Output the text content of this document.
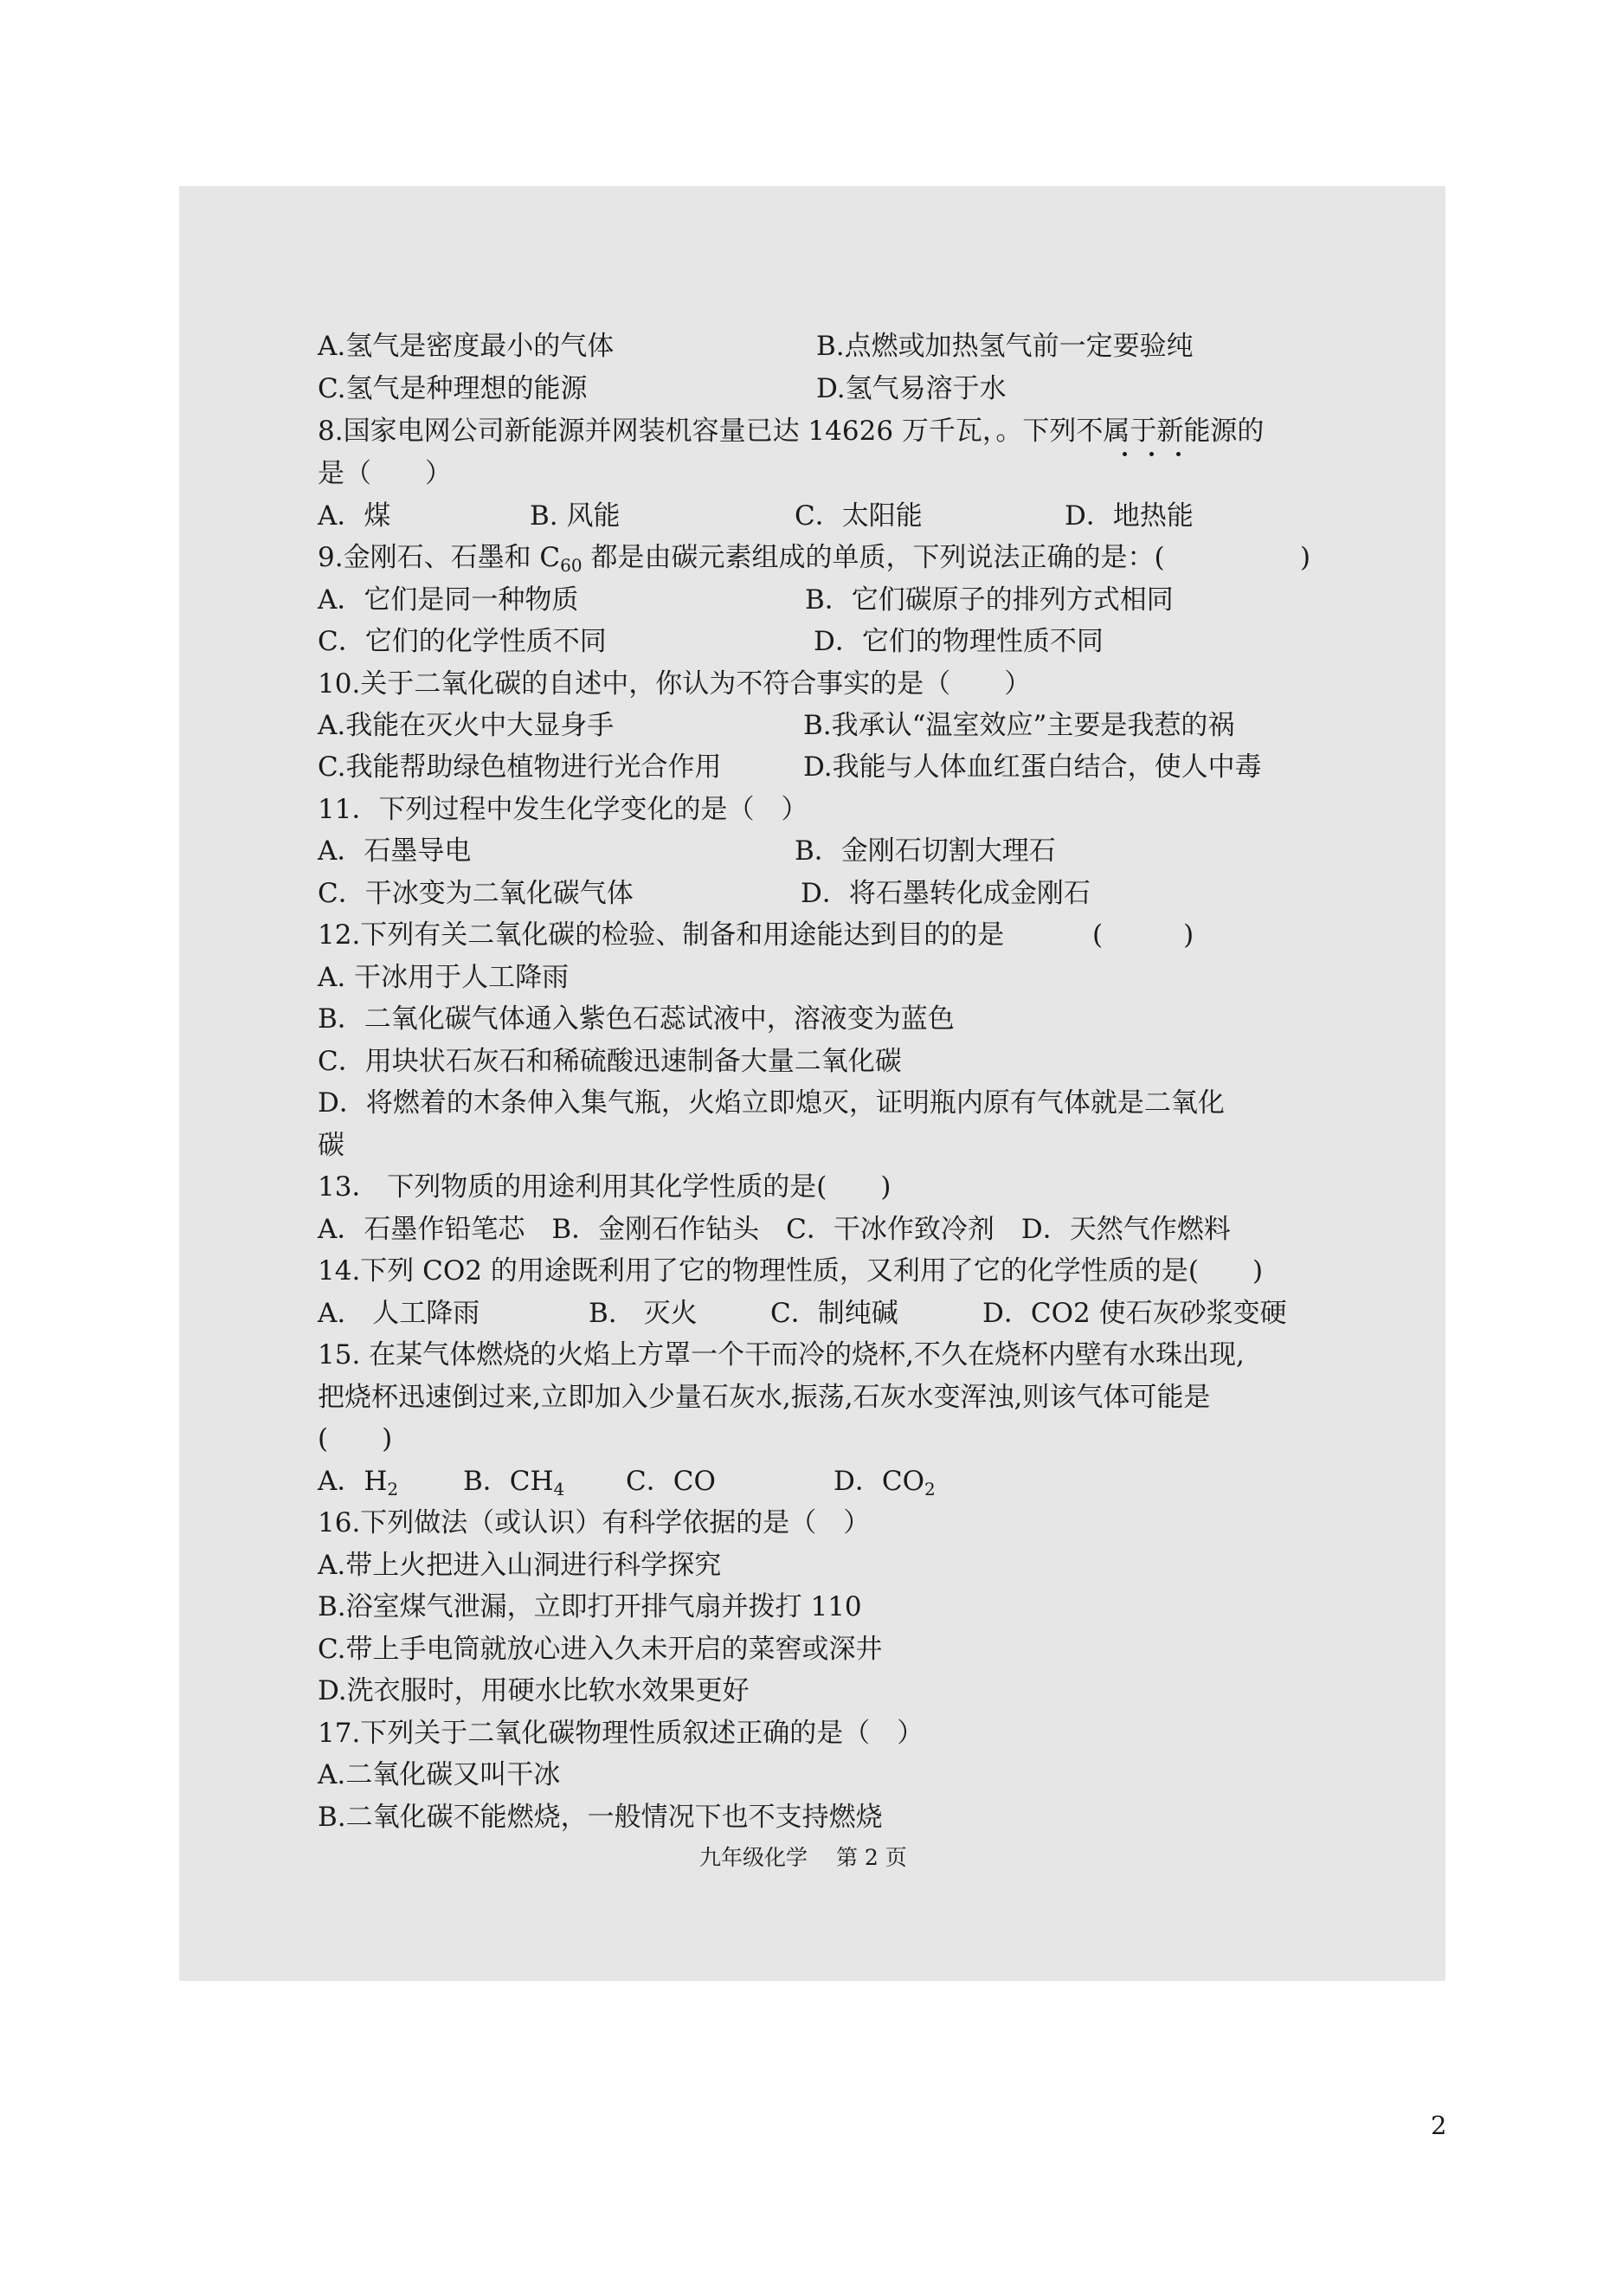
A.氢气是密度最小的气体	B.点燃或加热氢气前一定要验纯
C.氢气是种理想的能源	D.氢气易溶于水
8.国家电网公司新能源并网装机容量已达 14626 万千瓦，。下列不属于新能源的
是（　　）
A．煤	B. 风能	C．太阳能	D．地热能
9.金刚石、石墨和 $C_{60}$ 都是由碳元素组成的单质，下列说法正确的是：(	)
A．它们是同一种物质	B．它们碳原子的排列方式相同
C．它们的化学性质不同	D．它们的物理性质不同
10.关于二氧化碳的自述中，你认为不符合事实的是（　　）
A.我能在灭火中大显身手	B.我承认“温室效应”主要是我惹的祸
C.我能帮助绿色植物进行光合作用	D.我能与人体血红蛋白结合，使人中毒
11．下列过程中发生化学变化的是（　）
A．石墨导电	B．金刚石切割大理石
C．干冰变为二氧化碳气体	D．将石墨转化成金刚石
12.下列有关二氧化碳的检验、制备和用途能达到目的的是	(　　　)
A. 干冰用于人工降雨
B．二氧化碳气体通入紫色石蕊试液中，溶液变为蓝色
C．用块状石灰石和稀硫酸迅速制备大量二氧化碳
D．将燃着的木条伸入集气瓶，火焰立即熄灭，证明瓶内原有气体就是二氧化
碳
13． 下列物质的用途利用其化学性质的是(　　)
A．石墨作铅笔芯　B．金刚石作钻头　C．干冰作致冷剂　D．天然气作燃料
14.下列 CO2 的用途既利用了它的物理性质，又利用了它的化学性质的是(　　)
A.　人工降雨	B.　灭火	C．制纯碱	D．CO2 使石灰砂浆变硬
15. 在某气体燃烧的火焰上方罩一个干而冷的烧杯,不久在烧杯内壁有水珠出现,
把烧杯迅速倒过来,立即加入少量石灰水,振荡,石灰水变浑浊,则该气体可能是
(　　)
A．$H_2$ B．$CH_4$ C．CO	D．$CO_2$
16.下列做法（或认识）有科学依据的是（　）
A.带上火把进入山洞进行科学探究
B.浴室煤气泄漏，立即打开排气扇并拨打 110
C.带上手电筒就放心进入久未开启的菜窖或深井
D.洗衣服时，用硬水比软水效果更好
17.下列关于二氧化碳物理性质叙述正确的是（　）
A.二氧化碳又叫干冰
B.二氧化碳不能燃烧，一般情况下也不支持燃烧
九年级化学　 第 2 页
2
